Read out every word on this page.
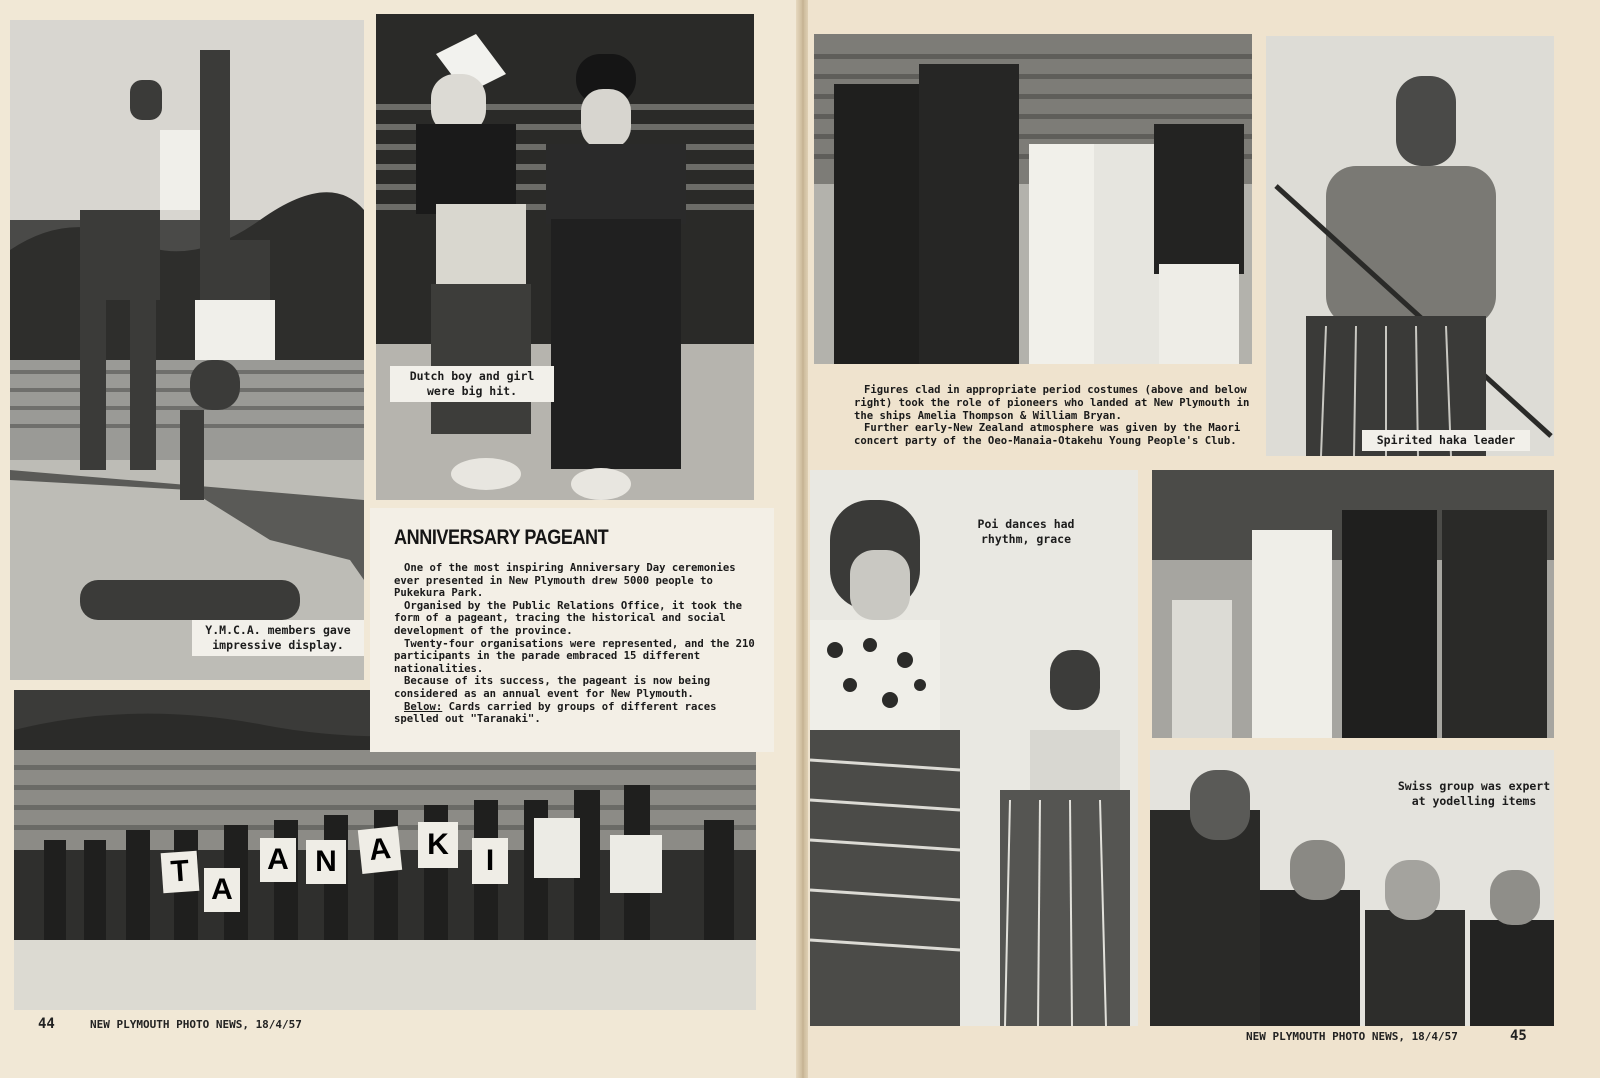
Y.M.C.A. members gave impressive display.
Dutch boy and girl were big hit.
T
A
A N	A	K	I
ANNIVERSARY PAGEANT

One of the most inspiring Anniversary Day ceremonies ever presented in New Plymouth drew 5000 people to Pukekura Park.

Organised by the Public Relations Office, it took the form of a pageant, tracing the historical and social development of the province.

Twenty-four organisations were represented, and the 210 participants in the parade embraced 15 different nationalities.

Because of its success, the pageant is now being considered as an annual event for New Plymouth.

Below: Cards carried by groups of different races spelled out "Taranaki".

44	NEW PLYMOUTH PHOTO NEWS, 18/4/57
Spirited haka leader

Figures clad in appropriate period costumes (above and below right) took the role of pioneers who landed at New Plymouth in the ships Amelia Thompson & William Bryan.

Further early-New Zealand atmosphere was given by the Maori concert party of the Oeo-Manaia-Otakehu Young People's Club.

Poi dances had rhythm, grace
Swiss group was expert at yodelling items
NEW PLYMOUTH PHOTO NEWS, 18/4/57	45
